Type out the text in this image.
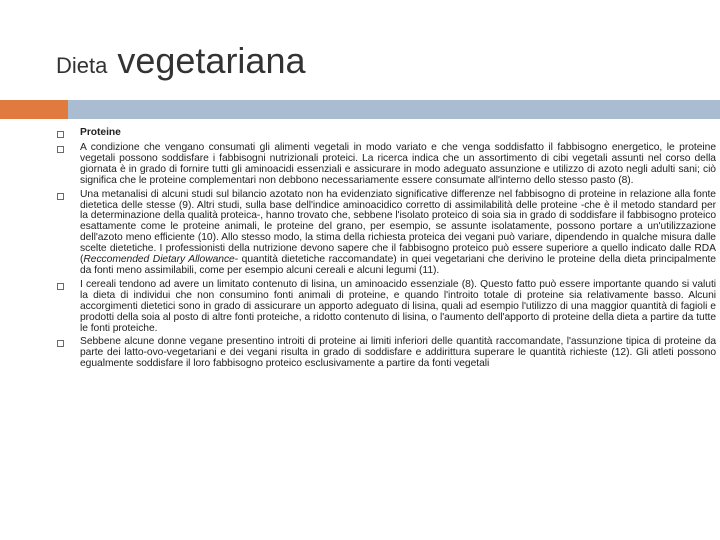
Dieta vegetariana
Proteine
A condizione che vengano consumati gli alimenti vegetali in modo variato e che venga soddisfatto il fabbisogno energetico, le proteine vegetali possono soddisfare i fabbisogni nutrizionali proteici. La ricerca indica che un assortimento di cibi vegetali assunti nel corso della giornata è in grado di fornire tutti gli aminoacidi essenziali e assicurare in modo adeguato assunzione e utilizzo di azoto negli adulti sani; ciò significa che le proteine complementari non debbono necessariamente essere consumate all'interno dello stesso pasto (8).
Una metanalisi di alcuni studi sul bilancio azotato non ha evidenziato significative differenze nel fabbisogno di proteine in relazione alla fonte dietetica delle stesse (9). Altri studi, sulla base dell'indice aminoacidico corretto di assimilabilità delle proteine -che è il metodo standard per la determinazione della qualità proteica-, hanno trovato che, sebbene l'isolato proteico di soia sia in grado di soddisfare il fabbisogno proteico esattamente come le proteine animali, le proteine del grano, per esempio, se assunte isolatamente, possono portare a un'utilizzazione dell'azoto meno efficiente (10). Allo stesso modo, la stima della richiesta proteica dei vegani può variare, dipendendo in qualche misura dalle scelte dietetiche. I professionisti della nutrizione devono sapere che il fabbisogno proteico può essere superiore a quello indicato dalle RDA (Reccomended Dietary Allowance- quantità dietetiche raccomandate) in quei vegetariani che derivino le proteine della dieta principalmente da fonti meno assimilabili, come per esempio alcuni cereali e alcuni legumi (11).
I cereali tendono ad avere un limitato contenuto di lisina, un aminoacido essenziale (8). Questo fatto può essere importante quando si valuti la dieta di individui che non consumino fonti animali di proteine, e quando l'introito totale di proteine sia relativamente basso. Alcuni accorgimenti dietetici sono in grado di assicurare un apporto adeguato di lisina, quali ad esempio l'utilizzo di una maggior quantità di fagioli e prodotti della soia al posto di altre fonti proteiche, a ridotto contenuto di lisina, o l'aumento dell'apporto di proteine della dieta a partire da tutte le fonti proteiche.
Sebbene alcune donne vegane presentino introiti di proteine ai limiti inferiori delle quantità raccomandate, l'assunzione tipica di proteine da parte dei latto-ovo-vegetariani e dei vegani risulta in grado di soddisfare e addirittura superare le quantità richieste (12). Gli atleti possono egualmente soddisfare il loro fabbisogno proteico esclusivamente a partire da fonti vegetali
